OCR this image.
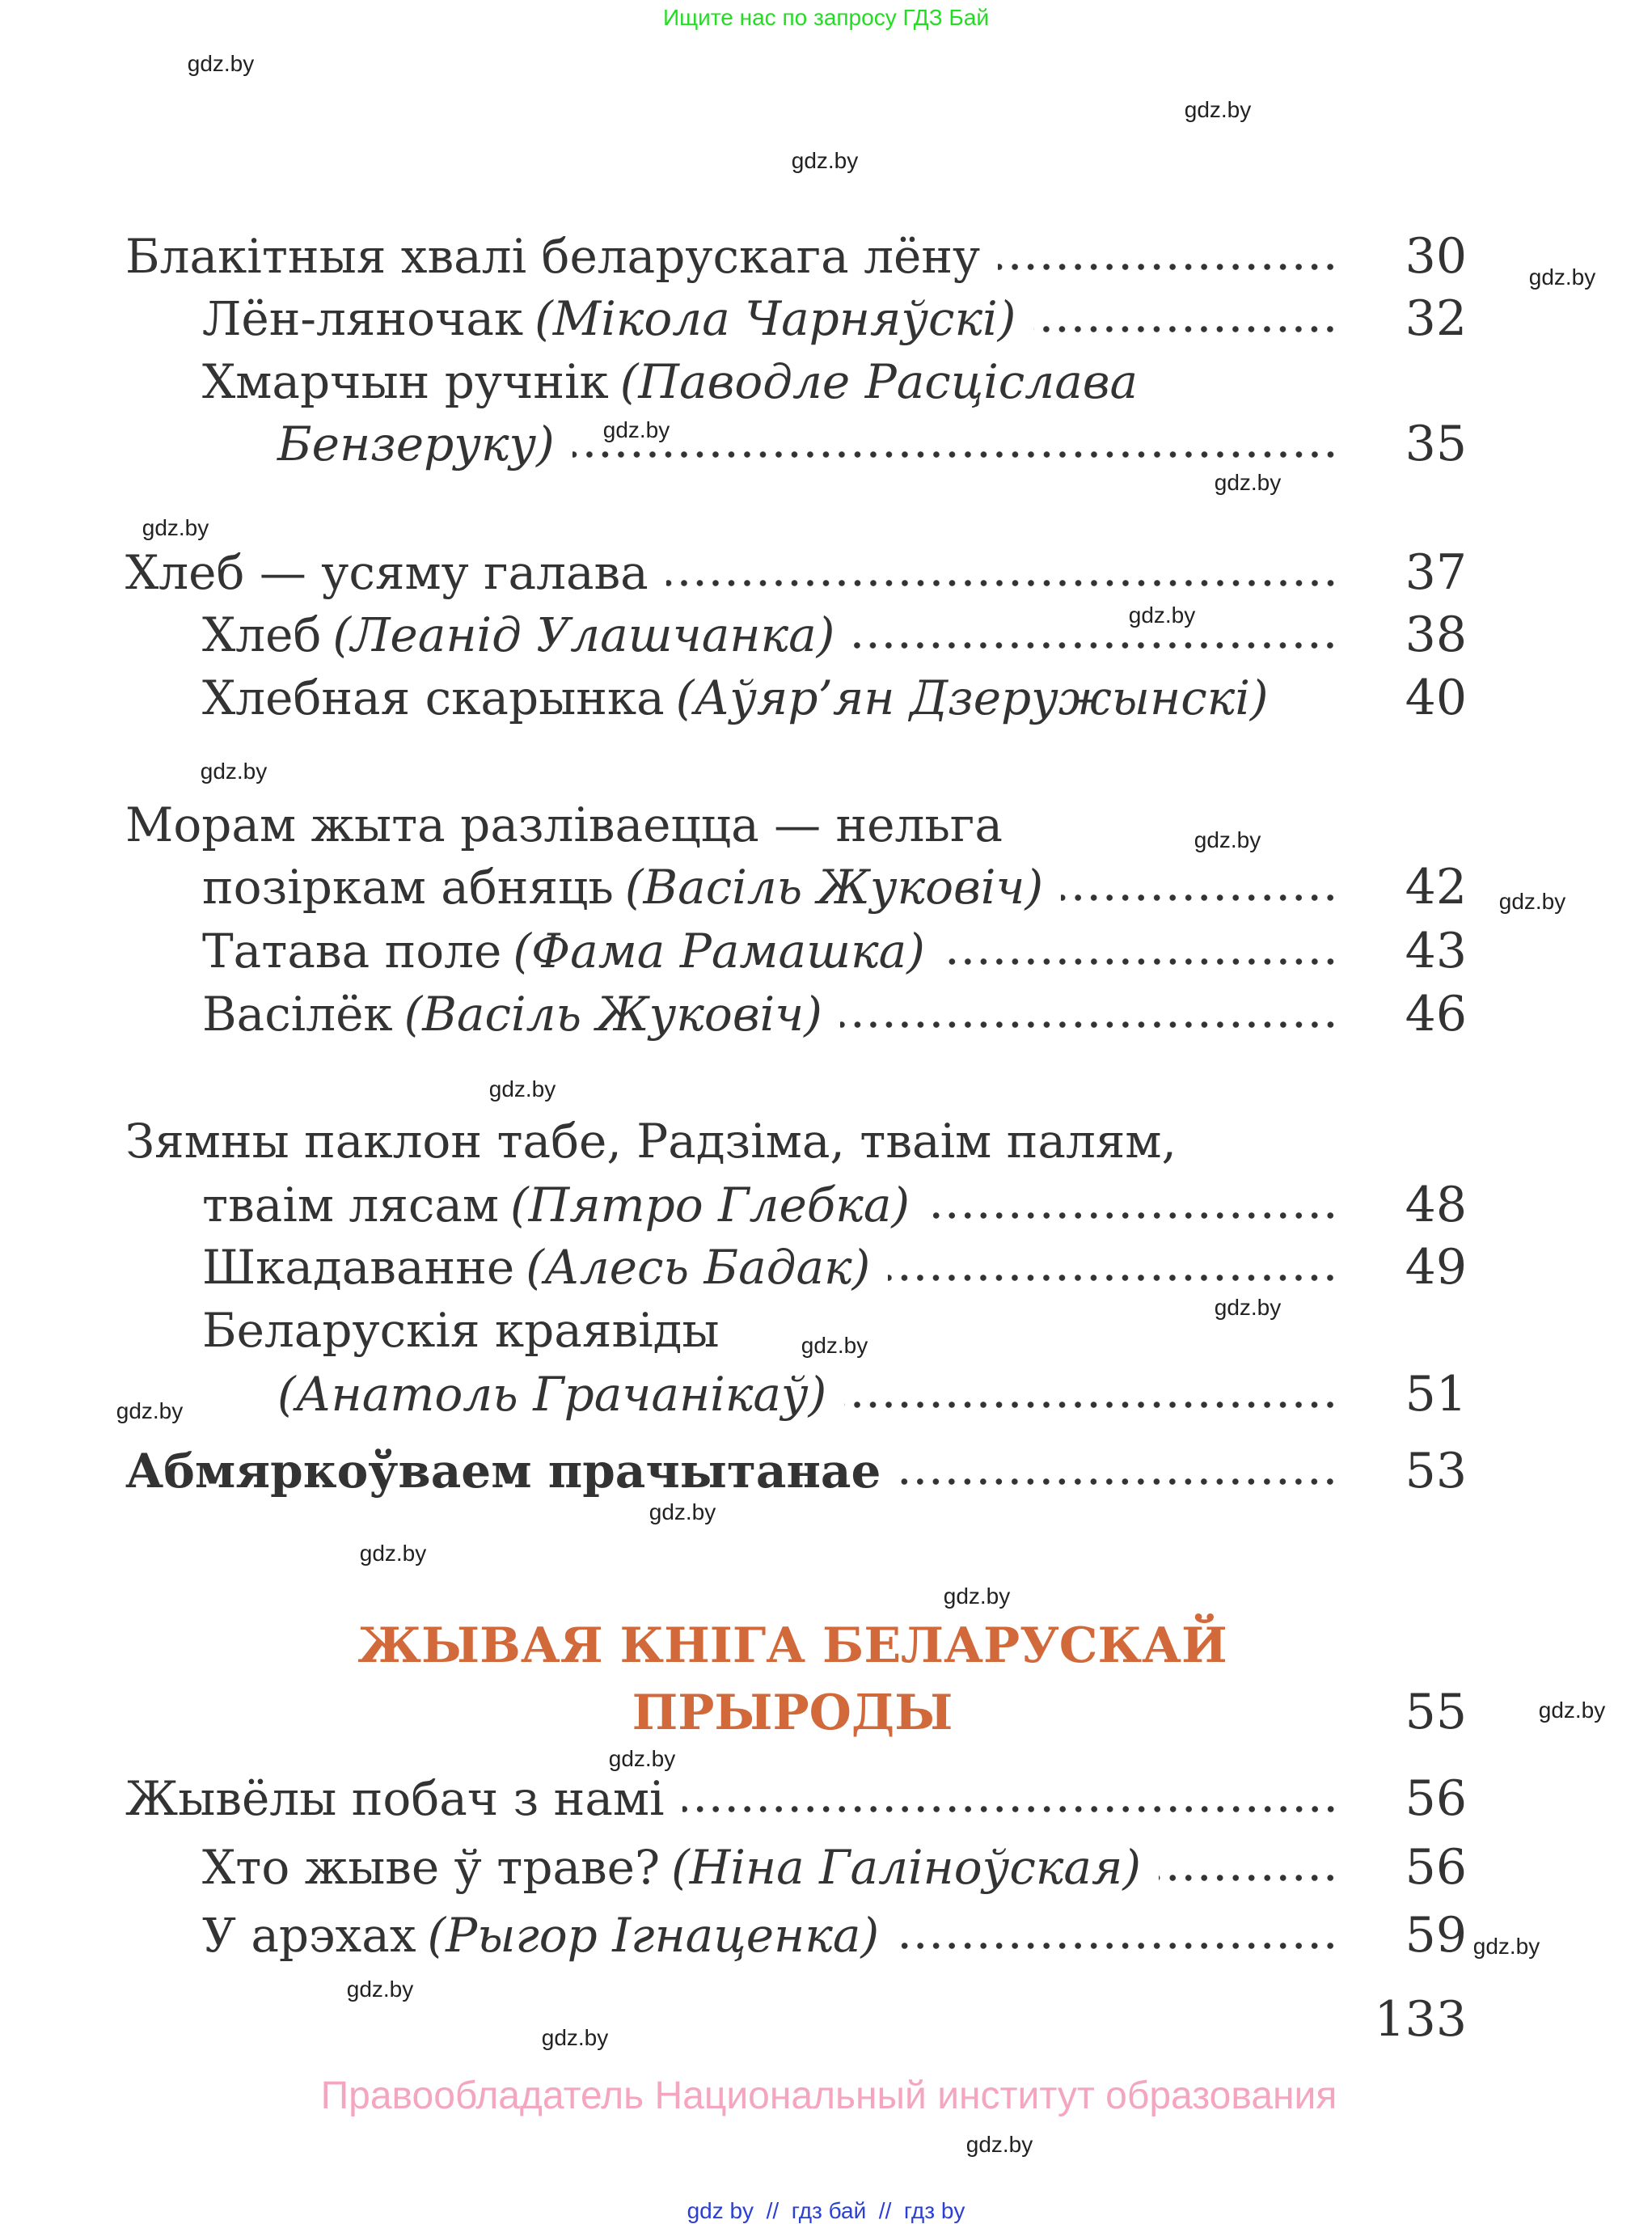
Ищите нас по запросу ГДЗ Бай
gdz.by
gdz.by
gdz.by
gdz.by
gdz.by
gdz.by
gdz.by
gdz.by
gdz.by
gdz.by
gdz.by
gdz.by
gdz.by
gdz.by
gdz.by
gdz.by
gdz.by
gdz.by
gdz.by
gdz.by
gdz.by
gdz.by
gdz.by
gdz.by
Блакітныя хвалі беларускага лёну	30
Лён-ляночак (Мікола Чарняўскі)	32
Хмарчын ручнік (Паводле Расціслава
Бензеруку)	35
Хлеб — усяму галава	37
Хлеб (Леанід Улашчанка)	38
Хлебная скарынка (Аўяр’ян Дзеружынскі)	40
Морам жыта разліваецца — нельга
позіркам абняць (Васіль Жуковіч)	42
Татава поле (Фама Рамашка)	43
Васілёк (Васіль Жуковіч)	46
Зямны паклон табе, Радзіма, тваім палям,
тваім лясам (Пятро Глебка)	48
Шкадаванне (Алесь Бадак)	49
Беларускія краявіды
(Анатоль Грачанікаў)	51
Абмяркоўваем прачытанае	53
ЖЫВАЯ КНІГА БЕЛАРУСКАЙ
ПРЫРОДЫ	55
Жывёлы побач з намі	56
Хто жыве ў траве? (Ніна Галіноўская)	56
У арэхах (Рыгор Ігнаценка)	59
133
Правообладатель Национальный институт образования
gdz by  //  гдз бай  //  гдз by
